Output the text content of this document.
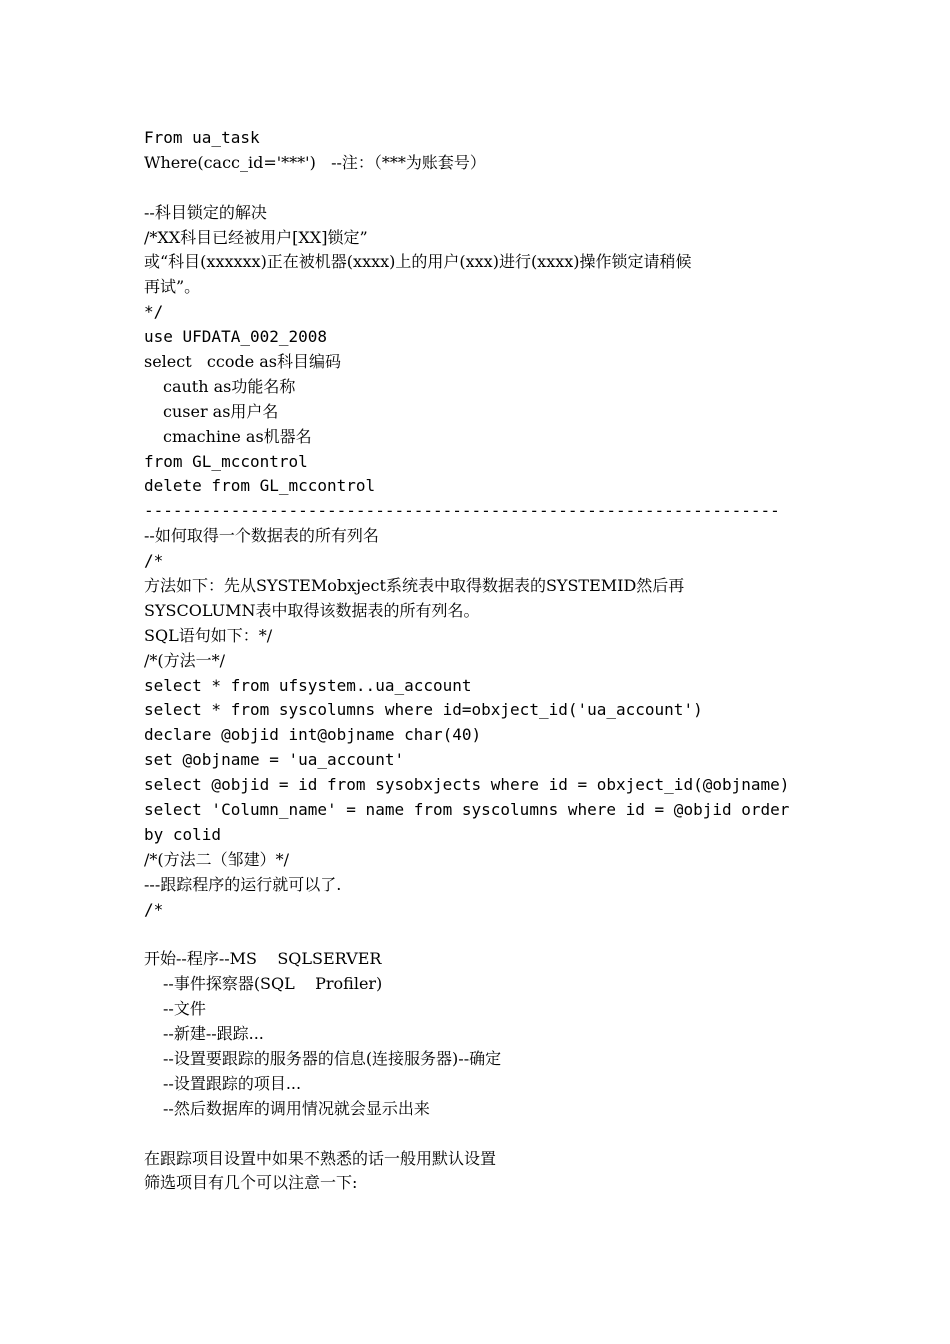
From ua_task
Where(cacc_id='***')   --注：（***为账套号）
--科目锁定的解决
/*XX科目已经被用户[XX]锁定”
或“科目(xxxxxx)正在被机器(xxxx)上的用户(xxx)进行(xxxx)操作锁定请稍候
再试”。
*/
use UFDATA_002_2008
select   ccode as科目编码
cauth as功能名称
cuser as用户名
cmachine as机器名
from GL_mccontrol
delete from GL_mccontrol
------------------------------------------------------------------
--如何取得一个数据表的所有列名
/*
方法如下：先从SYSTEMobxject系统表中取得数据表的SYSTEMID然后再
SYSCOLUMN表中取得该数据表的所有列名。
SQL语句如下：*/
/*(方法一*/
select * from ufsystem..ua_account
select * from syscolumns where id=obxject_id('ua_account')
declare @objid int@objname char(40)
set @objname = 'ua_account'
select @objid = id from sysobxjects where id = obxject_id(@objname)
select 'Column_name' = name from syscolumns where id = @objid order
by colid
/*(方法二（邹建）*/
---跟踪程序的运行就可以了.
/*
开始--程序--MS    SQLSERVER
--事件探察器(SQL    Profiler)
--文件
--新建--跟踪...
--设置要跟踪的服务器的信息(连接服务器)--确定
--设置跟踪的项目...
--然后数据库的调用情况就会显示出来
在跟踪项目设置中如果不熟悉的话一般用默认设置
筛选项目有几个可以注意一下:
